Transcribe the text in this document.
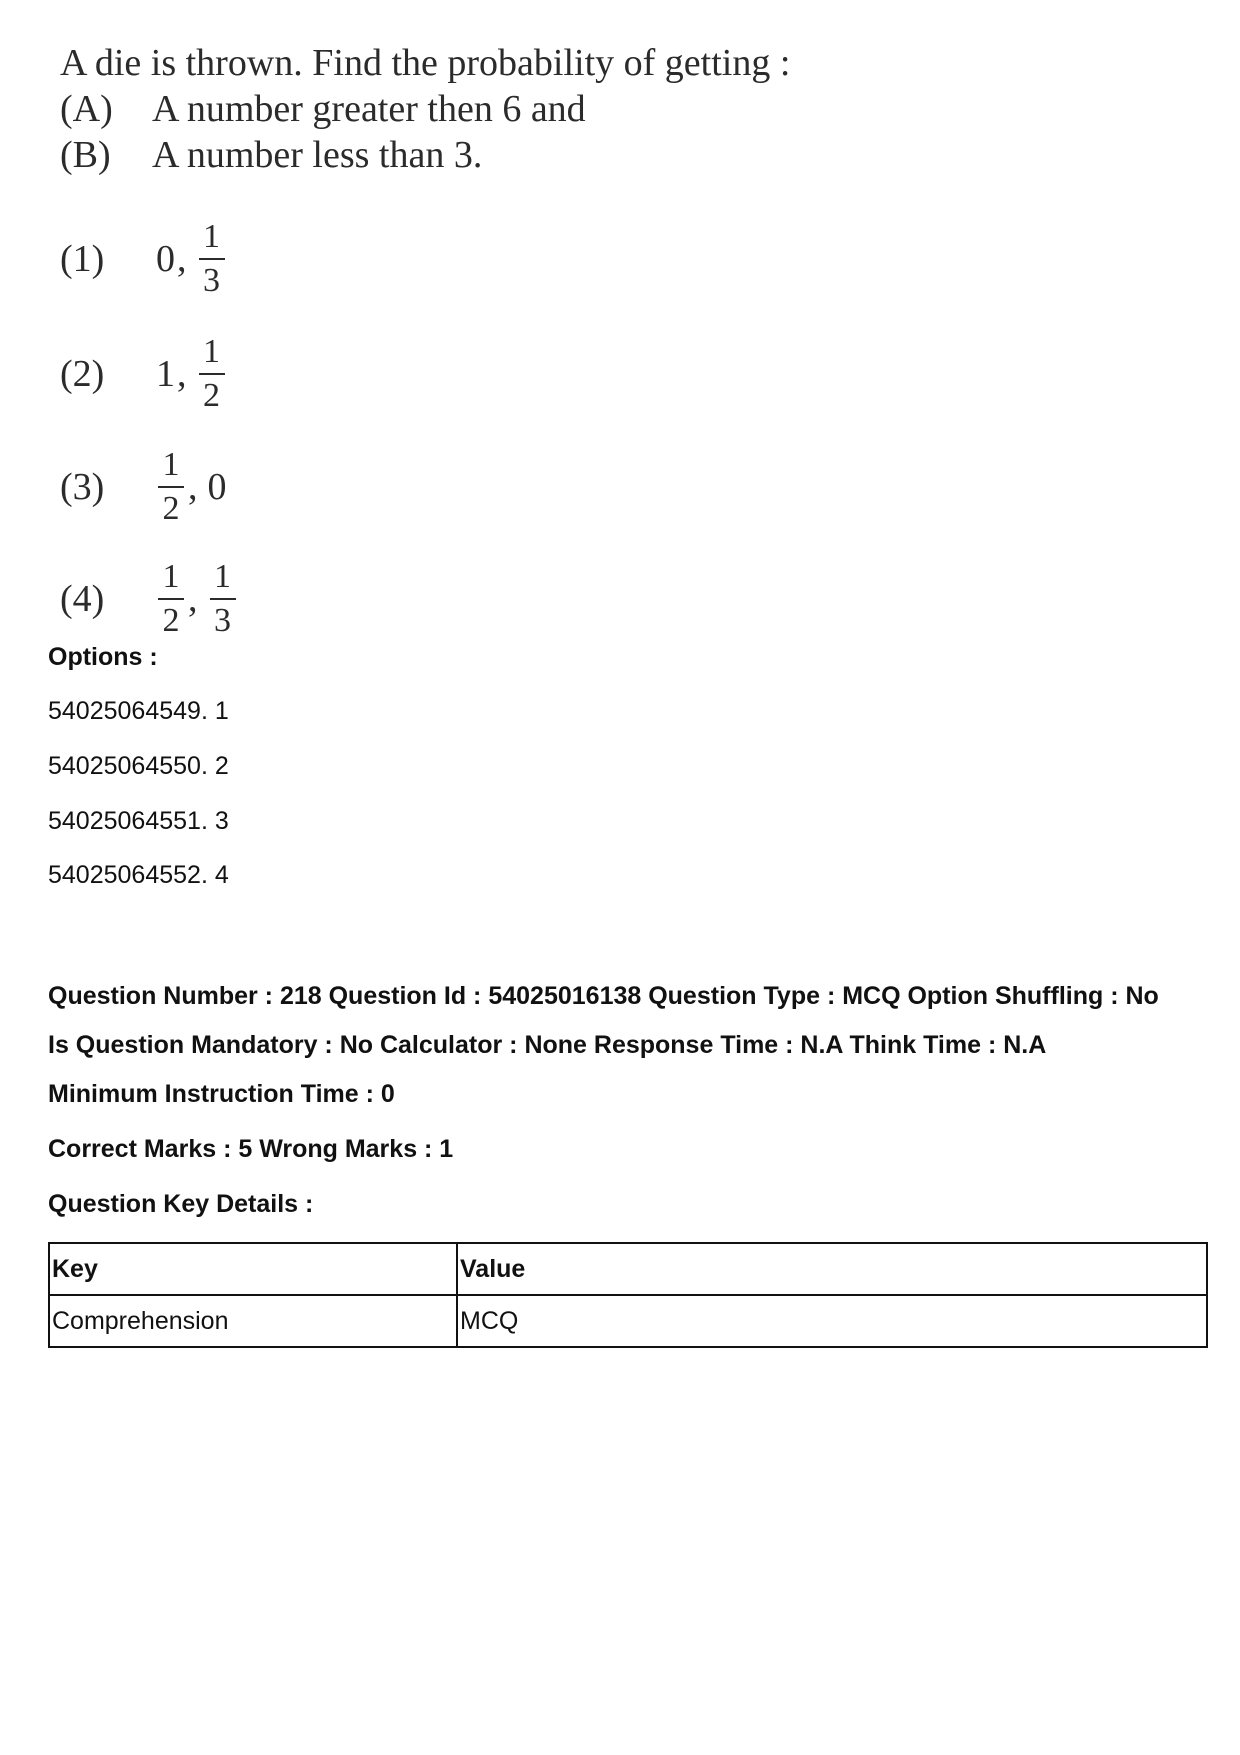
A die is thrown. Find the probability of getting :

(A)	A number greater then 6 and
(B)	A number less than 3.
(1)	0 , $\frac{1}{3}$
(2)	1 , $\frac{1}{2}$
(3)	$\frac{1}{2}$ , 0
(4)	$\frac{1}{2}$ , $\frac{1}{3}$
Options :
54025064549. 1
54025064550. 2
54025064551. 3
54025064552. 4
Question Number : 218 Question Id : 54025016138 Question Type : MCQ Option Shuffling : No
Is Question Mandatory : No Calculator : None Response Time : N.A Think Time : N.A
Minimum Instruction Time : 0
Correct Marks : 5 Wrong Marks : 1
Question Key Details :
Key	Value
Comprehension	MCQ
